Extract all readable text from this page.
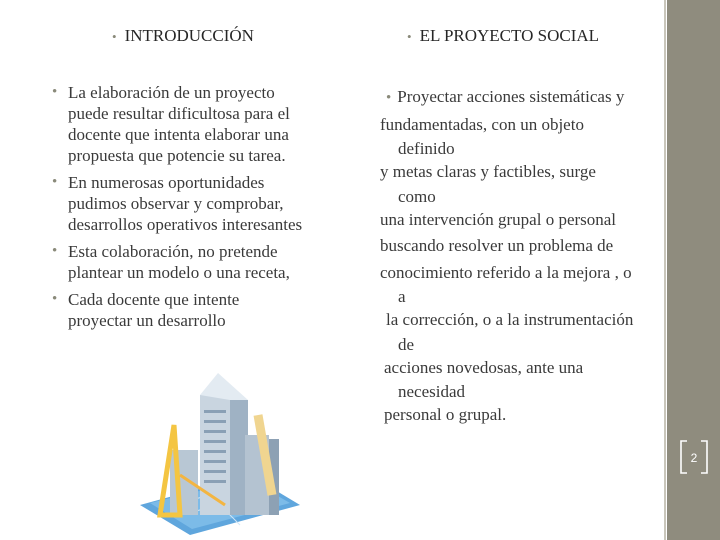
• INTRODUCCIÓN	• EL PROYECTO SOCIAL
• La elaboración de un proyecto
puede resultar dificultosa para el
docente que intenta elaborar una
propuesta que potencie su tarea.
• En numerosas oportunidades
pudimos observar y comprobar,
desarrollos operativos interesantes
• Esta colaboración, no pretende
plantear un modelo o una receta,
• Cada docente que intente
proyectar un desarrollo
• Proyectar acciones sistemáticas y
fundamentadas, con un objeto
definido
y metas claras y factibles, surge
como
una intervención grupal o personal
buscando resolver un problema de
conocimiento referido a la mejora , o
a
la corrección, o a la instrumentación
de
acciones novedosas, ante una
necesidad
personal o grupal.
2
